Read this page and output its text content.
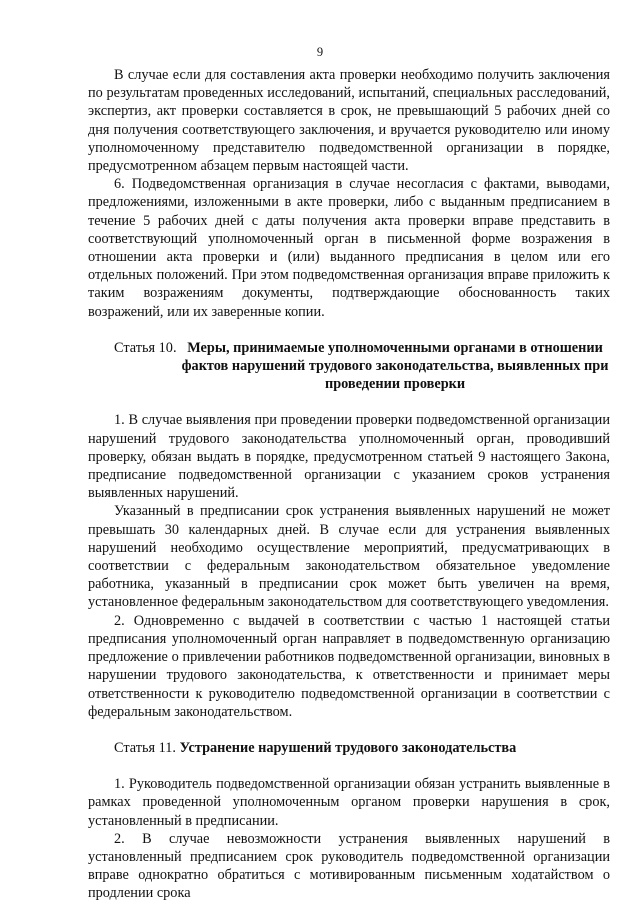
9

В случае если для составления акта проверки необходимо получить заключения по результатам проведенных исследований, испытаний, специальных расследований, экспертиз, акт проверки составляется в срок, не превышающий 5 рабочих дней со дня получения соответствующего заключения, и вручается руководителю или иному уполномоченному представителю подведомственной организации в порядке, предусмотренном абзацем первым настоящей части.

6. Подведомственная организация в случае несогласия с фактами, выводами, предложениями, изложенными в акте проверки, либо с выданным предписанием в течение 5 рабочих дней с даты получения акта проверки вправе представить в соответствующий уполномоченный орган в письменной форме возражения в отношении акта проверки и (или) выданного предписания в целом или его отдельных положений. При этом подведомственная организация вправе приложить к таким возражениям документы, подтверждающие обоснованность таких возражений, или их заверенные копии.

Статья 10. Меры, принимаемые уполномоченными органами в отношении фактов нарушений трудового законодательства, выявленных при проведении проверки

1. В случае выявления при проведении проверки подведомственной организации нарушений трудового законодательства уполномоченный орган, проводивший проверку, обязан выдать в порядке, предусмотренном статьей 9 настоящего Закона, предписание подведомственной организации с указанием сроков устранения выявленных нарушений.

Указанный в предписании срок устранения выявленных нарушений не может превышать 30 календарных дней. В случае если для устранения выявленных нарушений необходимо осуществление мероприятий, предусматривающих в соответствии с федеральным законодательством обязательное уведомление работника, указанный в предписании срок может быть увеличен на время, установленное федеральным законодательством для соответствующего уведомления.

2. Одновременно с выдачей в соответствии с частью 1 настоящей статьи предписания уполномоченный орган направляет в подведомственную организацию предложение о привлечении работников подведомственной организации, виновных в нарушении трудового законодательства, к ответственности и принимает меры ответственности к руководителю подведомственной организации в соответствии с федеральным законодательством.

Статья 11. Устранение нарушений трудового законодательства

1. Руководитель подведомственной организации обязан устранить выявленные в рамках проведенной уполномоченным органом проверки нарушения в срок, установленный в предписании.

2. В случае невозможности устранения выявленных нарушений в установленный предписанием срок руководитель подведомственной организации вправе однократно обратиться с мотивированным письменным ходатайством о продлении срока
